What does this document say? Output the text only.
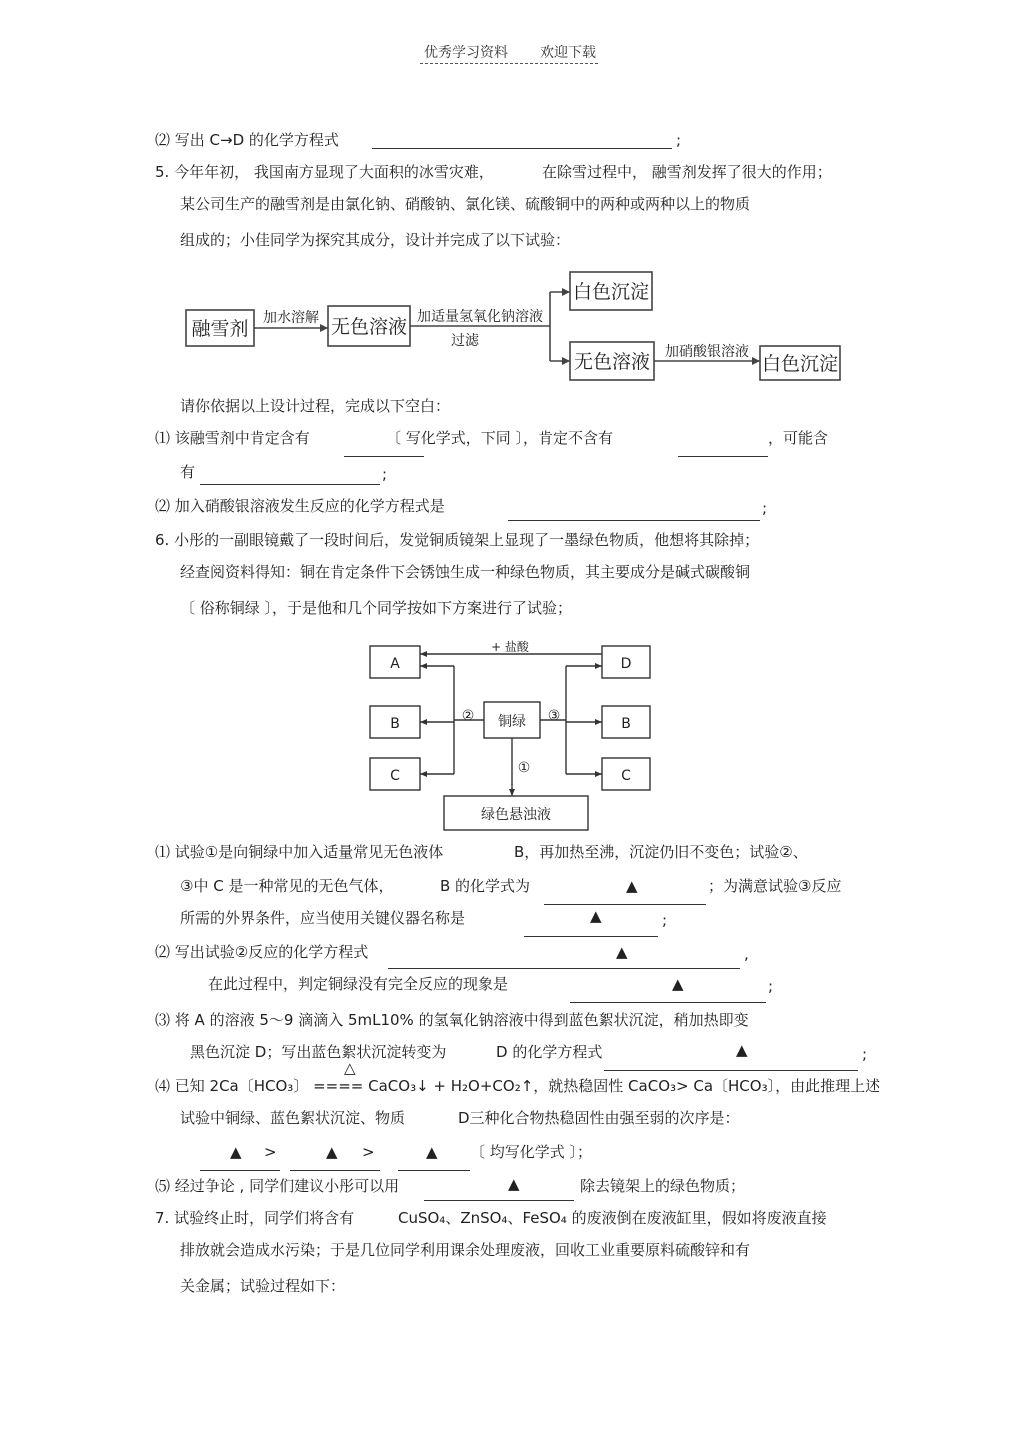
优秀学习资料 欢迎下载
⑵ 写出 C→D 的化学方程式	;
5. 今年年初， 我国南方显现了大面积的冰雪灾难，	在除雪过程中， 融雪剂发挥了很大的作用；
某公司生产的融雪剂是由氯化钠、硝酸钠、氯化镁、硫酸铜中的两种或两种以上的物质
组成的；小佳同学为探究其成分，设计并完成了以下试验：
融雪剂	无色溶液
白色沉淀
无色溶液	白色沉淀
加水溶解	加适量氢氧化钠溶液
过滤
加硝酸银溶液
请你依据以上设计过程，完成以下空白：
⑴ 该融雪剂中肯定含有	〔 写化学式，下同 〕，肯定不含有	，可能含
有	;
⑵ 加入硝酸银溶液发生反应的化学方程式是	;
6. 小彤的一副眼镜戴了一段时间后，发觉铜质镜架上显现了一墨绿色物质，他想将其除掉；
经查阅资料得知：铜在肯定条件下会锈蚀生成一种绿色物质，其主要成分是碱式碳酸铜
〔 俗称铜绿 〕，于是他和几个同学按如下方案进行了试验；
+ 盐酸
A
B
C
铜绿
D
B
C
②	③
①
绿色悬浊液
⑴ 试验①是向铜绿中加入适量常见无色液体	B，再加热至沸，沉淀仍旧不变色；试验②、
③中 C 是一种常见的无色气体，	B 的化学式为	▲	；为满意试验③反应
所需的外界条件，应当使用关键仪器名称是	▲	;
⑵ 写出试验②反应的化学方程式	▲	,
在此过程中，判定铜绿没有完全反应的现象是	▲	;
⑶ 将 A 的溶液 5～9 滴滴入 5mL10% 的氢氧化钠溶液中得到蓝色絮状沉淀，稍加热即变
黑色沉淀 D；写出蓝色絮状沉淀转变为	D 的化学方程式	▲	;
△
⑷ 已知 2Ca〔HCO₃〕 ==== CaCO₃↓ + H₂O+CO₂↑，就热稳固性 CaCO₃> Ca〔HCO₃〕，由此推理上述
试验中铜绿、蓝色絮状沉淀、物质	D三种化合物热稳固性由强至弱的次序是：
▲ >	▲ >	▲ 〔 均写化学式 〕；
⑸ 经过争论 , 同学们建议小彤可以用	▲	除去镜架上的绿色物质；
7. 试验终止时，同学们将含有	CuSO₄、ZnSO₄、FeSO₄ 的废液倒在废液缸里，假如将废液直接
排放就会造成水污染；于是几位同学利用课余处理废液，回收工业重要原料硫酸锌和有
关金属；试验过程如下：
